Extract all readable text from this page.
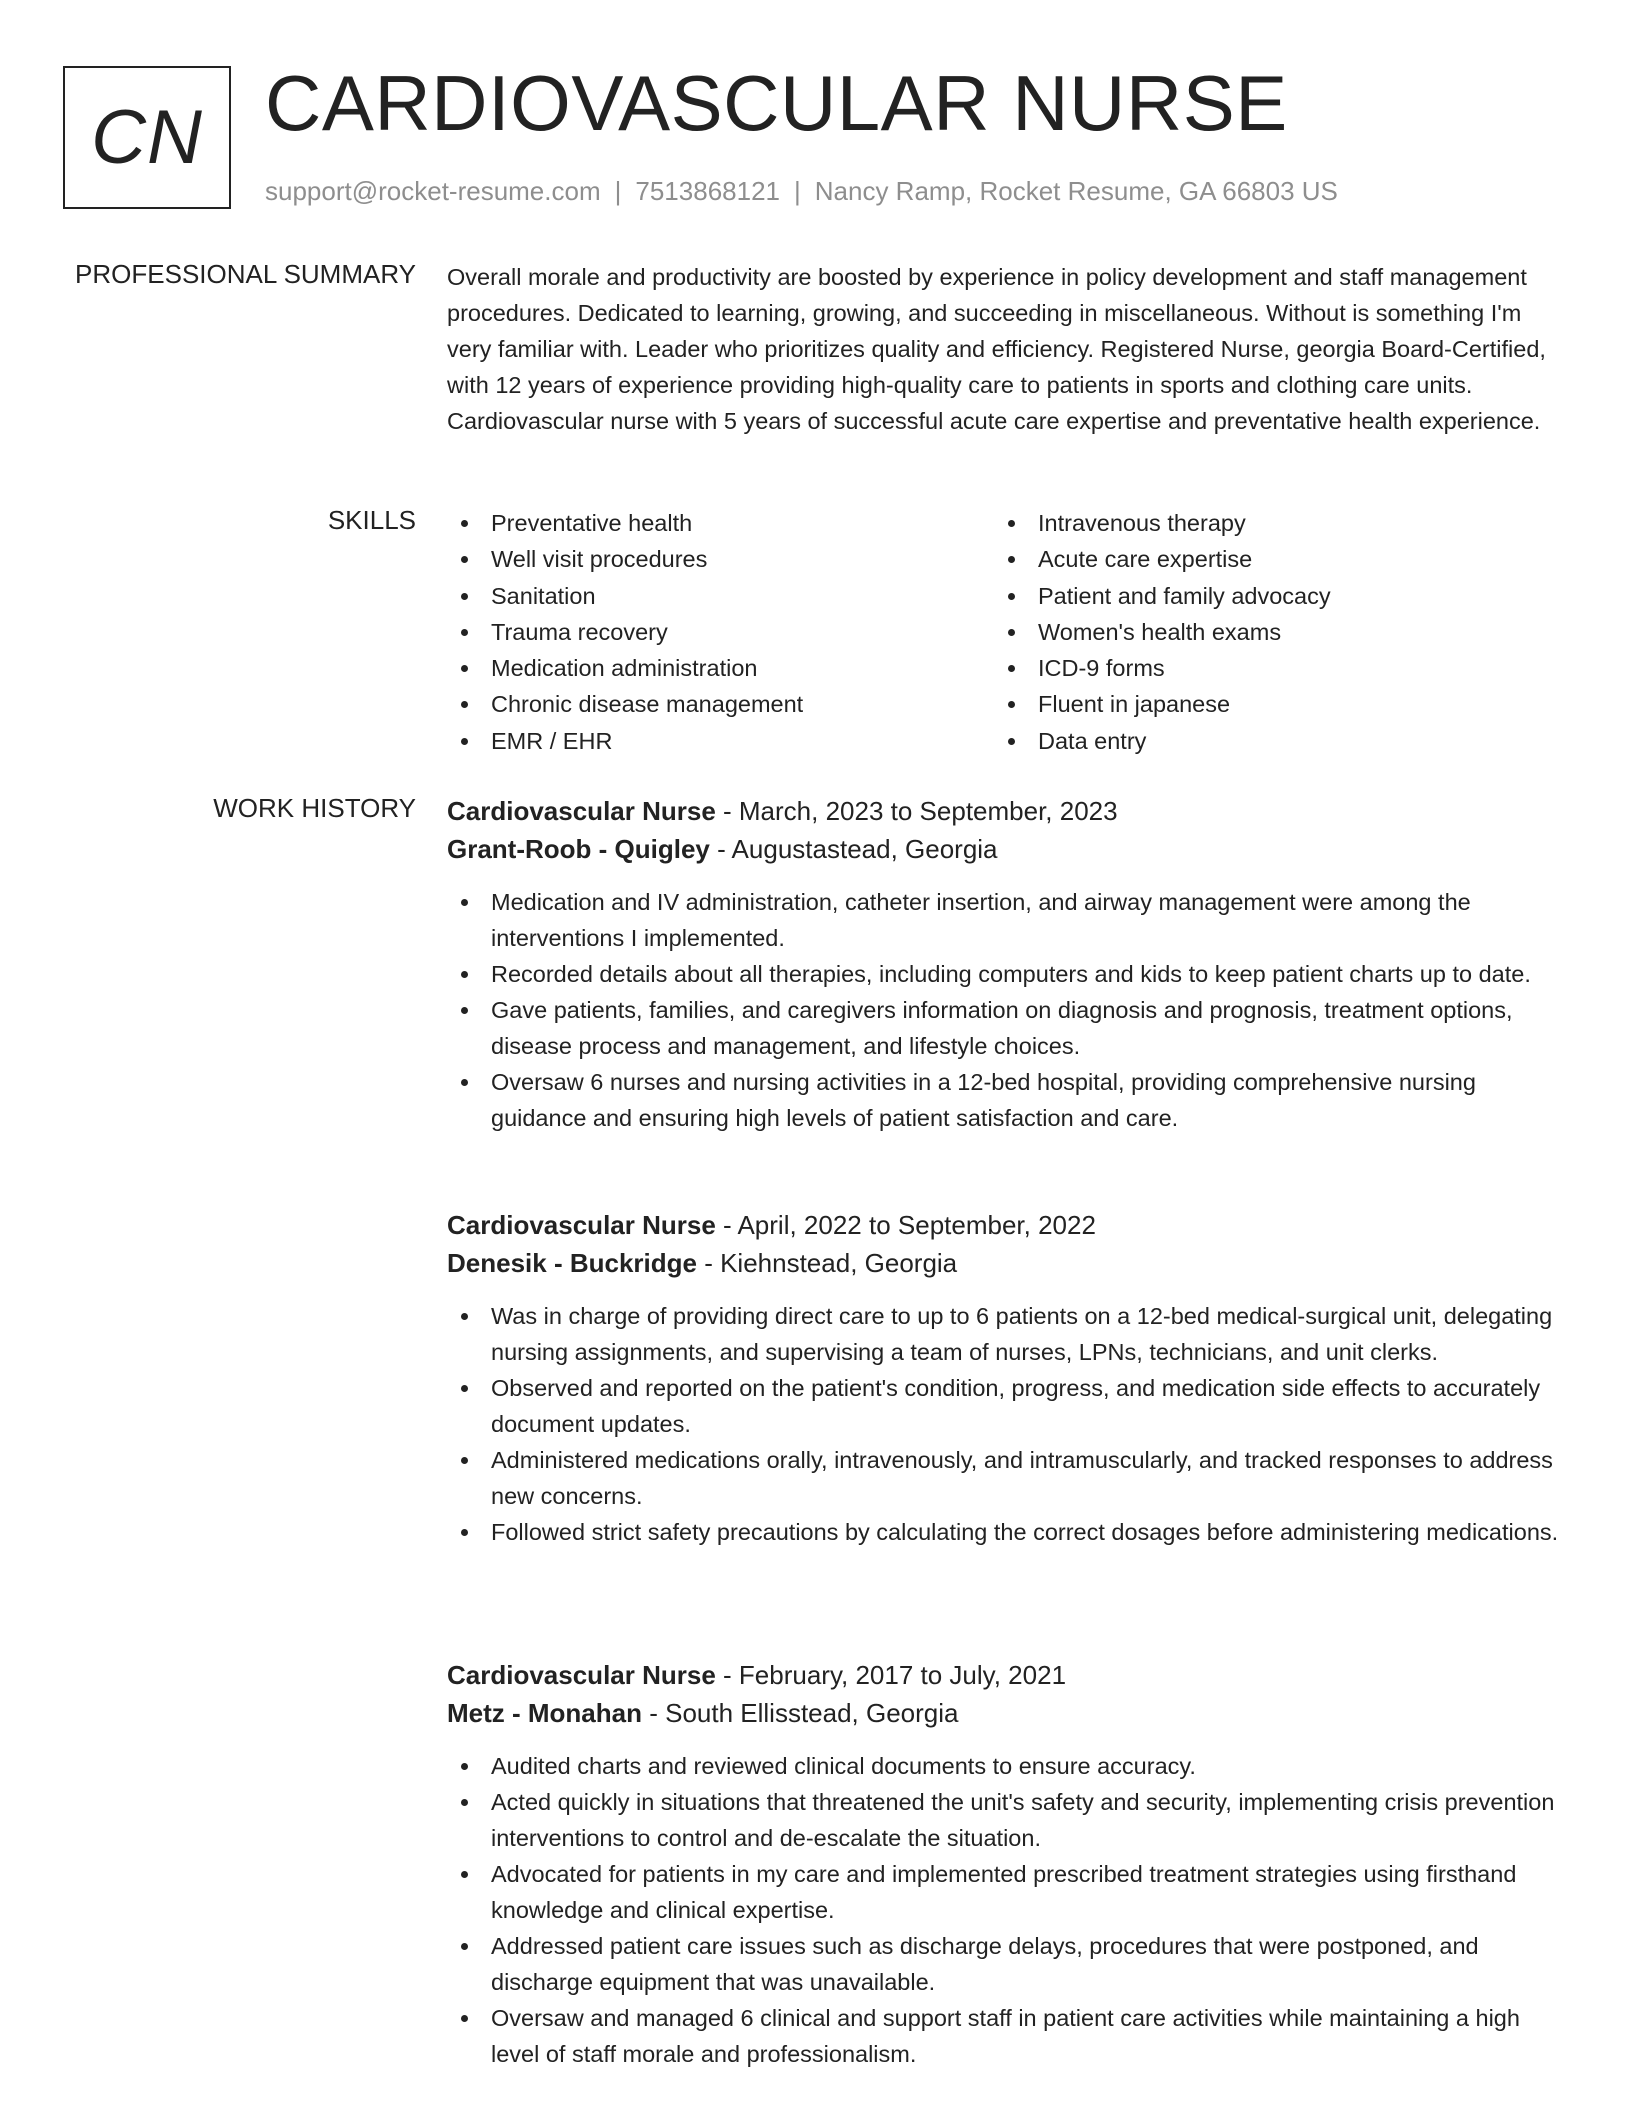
CN CARDIOVASCULAR NURSE
support@rocket-resume.com | 7513868121 | Nancy Ramp, Rocket Resume, GA 66803 US
PROFESSIONAL SUMMARY Overall morale and productivity are boosted by experience in policy development and staff management procedures. Dedicated to learning, growing, and succeeding in miscellaneous. Without is something I'm very familiar with. Leader who prioritizes quality and efficiency. Registered Nurse, georgia Board-Certified, with 12 years of experience providing high-quality care to patients in sports and clothing care units. Cardiovascular nurse with 5 years of successful acute care expertise and preventative health experience.
SKILLS	Preventative health
Well visit procedures
Sanitation
Trauma recovery
Medication administration
Chronic disease management
EMR / EHR
Intravenous therapy
Acute care expertise
Patient and family advocacy
Women's health exams
ICD-9 forms
Fluent in japanese
Data entry
WORK HISTORY Cardiovascular Nurse - March, 2023 to September, 2023
Grant-Roob - Quigley - Augustastead, Georgia
Medication and IV administration, catheter insertion, and airway management were among the interventions I implemented.
Recorded details about all therapies, including computers and kids to keep patient charts up to date.
Gave patients, families, and caregivers information on diagnosis and prognosis, treatment options, disease process and management, and lifestyle choices.
Oversaw 6 nurses and nursing activities in a 12-bed hospital, providing comprehensive nursing guidance and ensuring high levels of patient satisfaction and care.
Cardiovascular Nurse - April, 2022 to September, 2022
Denesik - Buckridge - Kiehnstead, Georgia
Was in charge of providing direct care to up to 6 patients on a 12-bed medical-surgical unit, delegating nursing assignments, and supervising a team of nurses, LPNs, technicians, and unit clerks.
Observed and reported on the patient's condition, progress, and medication side effects to accurately document updates.
Administered medications orally, intravenously, and intramuscularly, and tracked responses to address new concerns.
Followed strict safety precautions by calculating the correct dosages before administering medications.
Cardiovascular Nurse - February, 2017 to July, 2021
Metz - Monahan - South Ellisstead, Georgia
Audited charts and reviewed clinical documents to ensure accuracy.
Acted quickly in situations that threatened the unit's safety and security, implementing crisis prevention interventions to control and de-escalate the situation.
Advocated for patients in my care and implemented prescribed treatment strategies using firsthand knowledge and clinical expertise.
Addressed patient care issues such as discharge delays, procedures that were postponed, and discharge equipment that was unavailable.
Oversaw and managed 6 clinical and support staff in patient care activities while maintaining a high level of staff morale and professionalism.
